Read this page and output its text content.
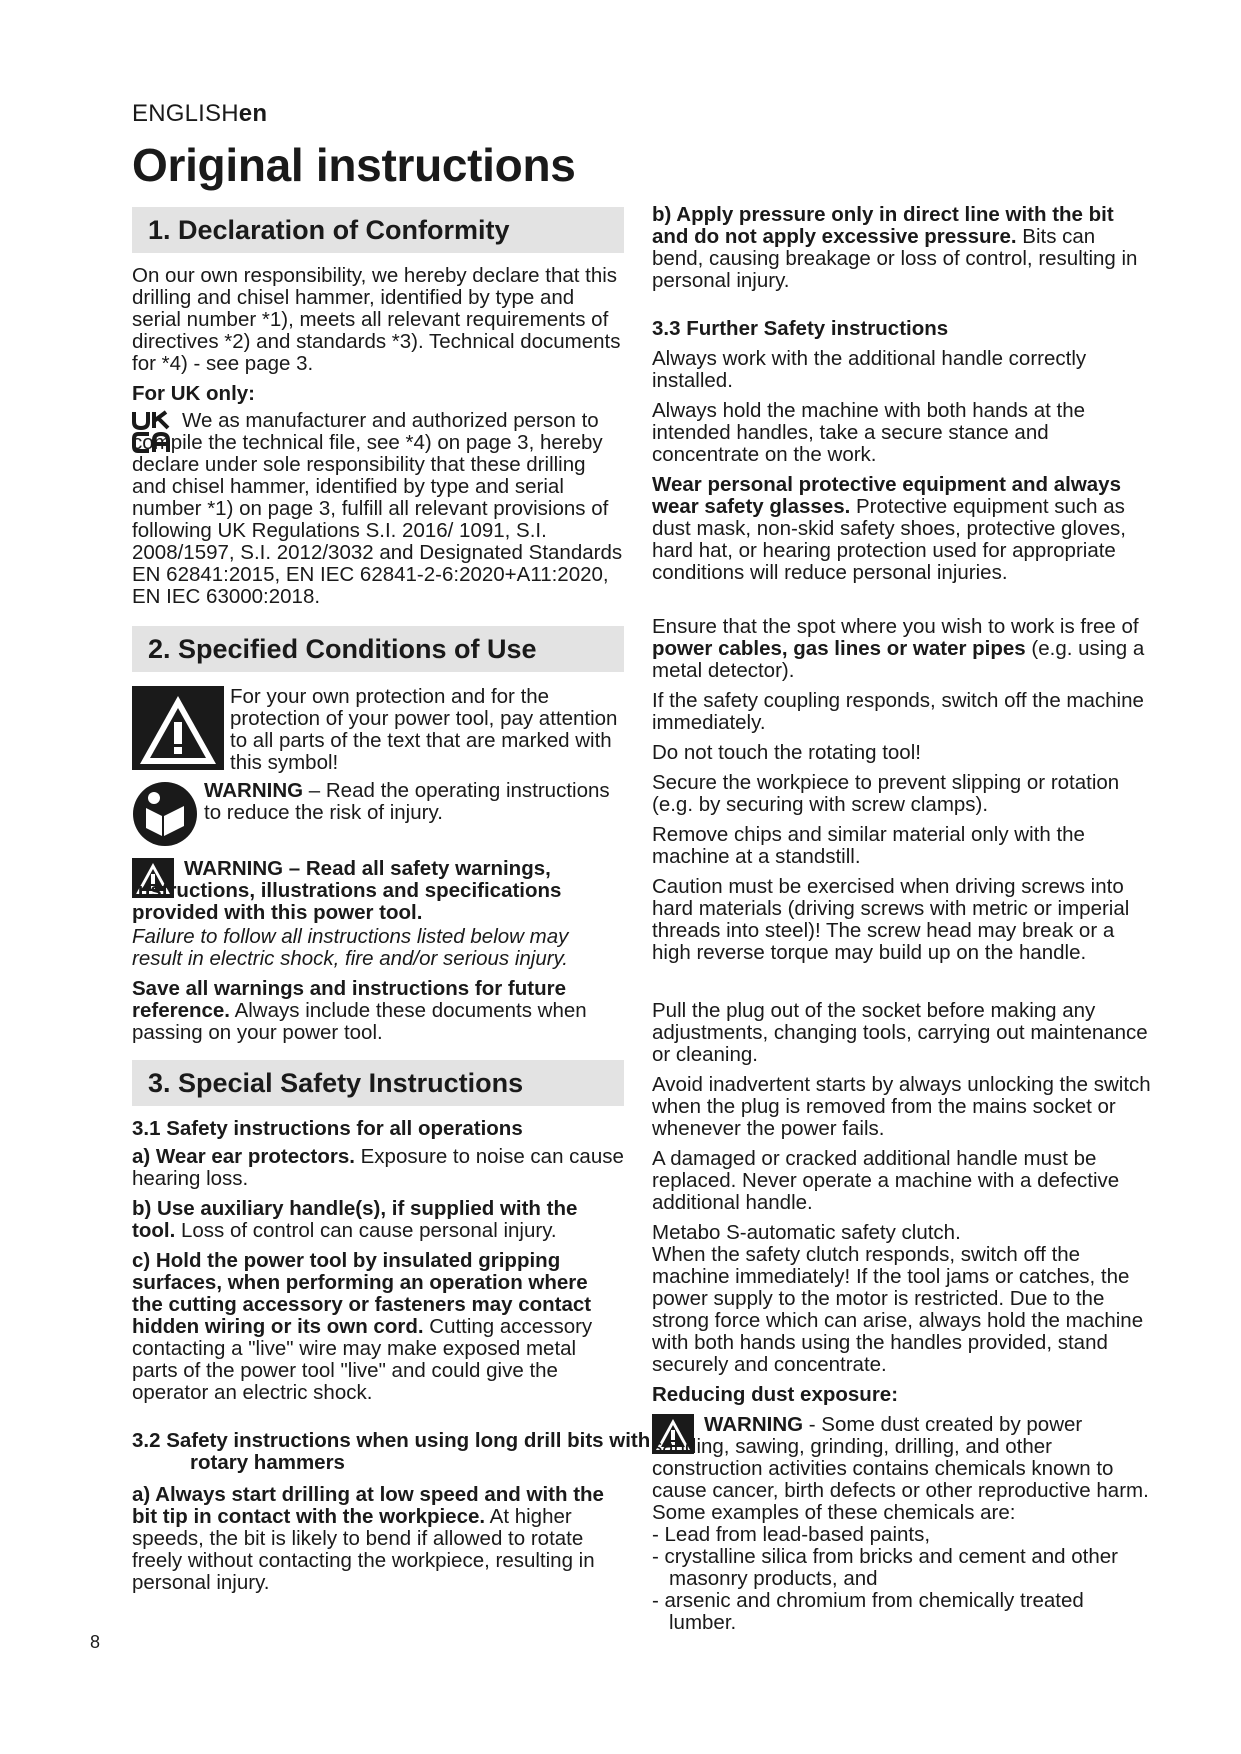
ENGLISHen
Original instructions
1. Declaration of Conformity

On our own responsibility, we hereby declare that this drilling and chisel hammer, identified by type and serial number *1), meets all relevant requirements of directives *2) and standards *3). Technical documents for *4) - see page 3.

For UK only:

We as manufacturer and authorized person to compile the technical file, see *4) on page 3, hereby declare under sole responsibility that these drilling and chisel hammer, identified by type and serial number *1) on page 3, fulfill all relevant provisions of following UK Regulations S.I. 2016/ 1091, S.I. 2008/1597, S.I. 2012/3032 and Designated Standards EN 62841:2015, EN IEC 62841-2-6:2020+A11:2020, EN IEC 63000:2018.

2. Specified Conditions of Use

For your own protection and for the protection of your power tool, pay attention to all parts of the text that are marked with this symbol!

WARNING – Read the operating instructions to reduce the risk of injury.

WARNING – Read all safety warnings, instructions, illustrations and specifications provided with this power tool.

Failure to follow all instructions listed below may result in electric shock, fire and/or serious injury.

Save all warnings and instructions for future reference. Always include these documents when passing on your power tool.

3. Special Safety Instructions

3.1 Safety instructions for all operations

a) Wear ear protectors. Exposure to noise can cause hearing loss.

b) Use auxiliary handle(s), if supplied with the tool. Loss of control can cause personal injury.

c) Hold the power tool by insulated gripping surfaces, when performing an operation where the cutting accessory or fasteners may contact hidden wiring or its own cord. Cutting accessory contacting a "live" wire may make exposed metal parts of the power tool "live" and could give the operator an electric shock.

3.2 Safety instructions when using long drill bits with rotary hammers

a) Always start drilling at low speed and with the bit tip in contact with the workpiece. At higher speeds, the bit is likely to bend if allowed to rotate freely without contacting the workpiece, resulting in personal injury.

b) Apply pressure only in direct line with the bit and do not apply excessive pressure. Bits can bend, causing breakage or loss of control, resulting in personal injury.

3.3 Further Safety instructions

Always work with the additional handle correctly installed.

Always hold the machine with both hands at the intended handles, take a secure stance and concentrate on the work.

Wear personal protective equipment and always wear safety glasses. Protective equipment such as dust mask, non-skid safety shoes, protective gloves, hard hat, or hearing protection used for appropriate conditions will reduce personal injuries.

Ensure that the spot where you wish to work is free of power cables, gas lines or water pipes (e.g. using a metal detector).

If the safety coupling responds, switch off the machine immediately.

Do not touch the rotating tool!

Secure the workpiece to prevent slipping or rotation (e.g. by securing with screw clamps).

Remove chips and similar material only with the machine at a standstill.

Caution must be exercised when driving screws into hard materials (driving screws with metric or imperial threads into steel)! The screw head may break or a high reverse torque may build up on the handle.

Pull the plug out of the socket before making any adjustments, changing tools, carrying out maintenance or cleaning.

Avoid inadvertent starts by always unlocking the switch when the plug is removed from the mains socket or whenever the power fails.

A damaged or cracked additional handle must be replaced. Never operate a machine with a defective additional handle.

Metabo S-automatic safety clutch.

When the safety clutch responds, switch off the machine immediately! If the tool jams or catches, the power supply to the motor is restricted. Due to the strong force which can arise, always hold the machine with both hands using the handles provided, stand securely and concentrate.

Reducing dust exposure:

WARNING - Some dust created by power sanding, sawing, grinding, drilling, and other construction activities contains chemicals known to cause cancer, birth defects or other reproductive harm. Some examples of these chemicals are:

- Lead from lead-based paints,
- crystalline silica from bricks and cement and other masonry products, and
- arsenic and chromium from chemically treated lumber.
8
